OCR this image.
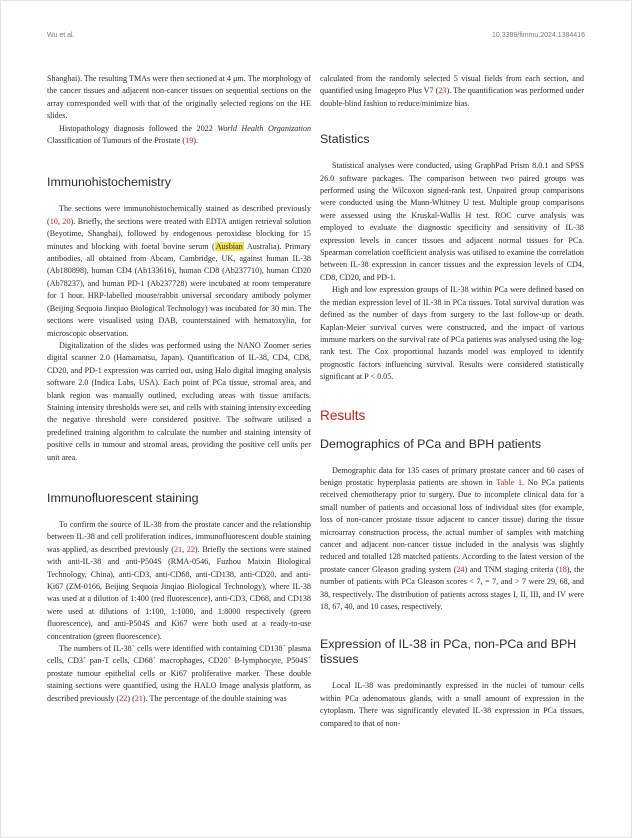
Wu et al.	10.3389/fimmu.2024.1384416

Shanghai). The resulting TMAs were then sectioned at 4 μm. The morphology of the cancer tissues and adjacent non-cancer tissues on sequential sections on the array corresponded well with that of the originally selected regions on the HE slides.

Histopathology diagnosis followed the 2022 World Health Organization Classification of Tumours of the Prostate (19).

Immunohistochemistry

The sections were immunohistochemically stained as described previously (10, 20). Briefly, the sections were treated with EDTA antigen retrieval solution (Beyotime, Shanghai), followed by endogenous peroxidase blocking for 15 minutes and blocking with foetal bovine serum (Ausbian Australia). Primary antibodies, all obtained from Abcam, Cambridge, UK, against human IL-38 (Ab180898), human CD4 (Ab133616), human CD8 (Ab237710), human CD20 (Ab78237), and human PD-1 (Ab237728) were incubated at room temperature for 1 hour. HRP-labelled mouse/rabbit universal secondary antibody polymer (Beijing Sequoia Jinqiao Biological Technology) was incubated for 30 min. The sections were visualised using DAB, counterstained with hematoxylin, for microscopic observation.

Digitalization of the slides was performed using the NANO Zoomer series digital scanner 2.0 (Hamamatsu, Japan). Quantification of IL-38, CD4, CD8, CD20, and PD-1 expression was carried out, using Halo digital imaging analysis software 2.0 (Indica Labs, USA). Each point of PCa tissue, stromal area, and blank region was manually outlined, excluding areas with tissue artifacts. Staining intensity thresholds were set, and cells with staining intensity exceeding the negative threshold were considered positive. The software utilised a predefined training algorithm to calculate the number and staining intensity of positive cells in tumour and stromal areas, providing the positive cell units per unit area.

Immunofluorescent staining

To confirm the source of IL-38 from the prostate cancer and the relationship between IL-38 and cell proliferation indices, immunofluorescent double staining was applied, as described previously (21, 22). Briefly the sections were stained with anti-IL-38 and anti-P504S (RMA-0546, Fuzhou Maixin Biological Technology, China), anti-CD3, anti-CD68, anti-CD138, anti-CD20, and anti-Ki67 (ZM-0166, Beijing Sequoia Jinqiao Biological Technology), where IL-38 was used at a dilution of 1:400 (red fluorescence), anti-CD3, CD68, and CD138 were used at dilutions of 1:100, 1:1000, and 1:8000 respectively (green fluorescence), and anti-P504S and Ki67 were both used at a ready-to-use concentration (green fluorescence).

The numbers of IL-38+ cells were identified with containing CD138+ plasma cells, CD3+ pan-T cells, CD68+ macrophages, CD20+ B-lymphocyte, P504S+ prostate tumour epithelial cells or Ki67 proliferative marker. These double staining sections were quantified, using the HALO Image analysis platform, as described previously (22) (21). The percentage of the double staining was

calculated from the randomly selected 5 visual fields from each section, and quantified using Imagepro Plus V7 (23). The quantification was performed under double-blind fashion to reduce/minimize bias.

Statistics

Statistical analyses were conducted, using GraphPad Prism 8.0.1 and SPSS 26.0 software packages. The comparison between two paired groups was performed using the Wilcoxon signed-rank test. Unpaired group comparisons were conducted using the Mann-Whitney U test. Multiple group comparisons were assessed using the Kruskal-Wallis H test. ROC curve analysis was employed to evaluate the diagnostic specificity and sensitivity of IL-38 expression levels in cancer tissues and adjacent normal tissues for PCa. Spearman correlation coefficient analysis was utilised to examine the correlation between IL-38 expression in cancer tissues and the expression levels of CD4, CD8, CD20, and PD-1.

High and low expression groups of IL-38 within PCa were defined based on the median expression level of IL-38 in PCa tissues. Total survival duration was defined as the number of days from surgery to the last follow-up or death. Kaplan-Meier survival curves were constructed, and the impact of various immune markers on the survival rate of PCa patients was analysed using the log-rank test. The Cox proportional hazards model was employed to identify prognostic factors influencing survival. Results were considered statistically significant at P < 0.05.

Results
Demographics of PCa and BPH patients

Demographic data for 135 cases of primary prostate cancer and 60 cases of benign prostatic hyperplasia patients are shown in Table 1. No PCa patients received chemotherapy prior to surgery. Due to incomplete clinical data for a small number of patients and occasional loss of individual sites (for example, loss of non-cancer prostate tissue adjacent to cancer tissue) during the tissue microarray construction process, the actual number of samples with matching cancer and adjacent non-cancer tissue included in the analysis was slightly reduced and totalled 128 matched patients. According to the latest version of the prostate cancer Gleason grading system (24) and TNM staging criteria (18), the number of patients with PCa Gleason scores < 7, = 7, and > 7 were 29, 68, and 38, respectively. The distribution of patients across stages I, II, III, and IV were 18, 67, 40, and 10 cases, respectively.

Expression of IL-38 in PCa, non-PCa and BPH tissues

Local IL-38 was predominantly expressed in the nuclei of tumour cells within PCa adenomatous glands, with a small amount of expression in the cytoplasm. There was significantly elevated IL-38 expression in PCa tissues, compared to that of non-
